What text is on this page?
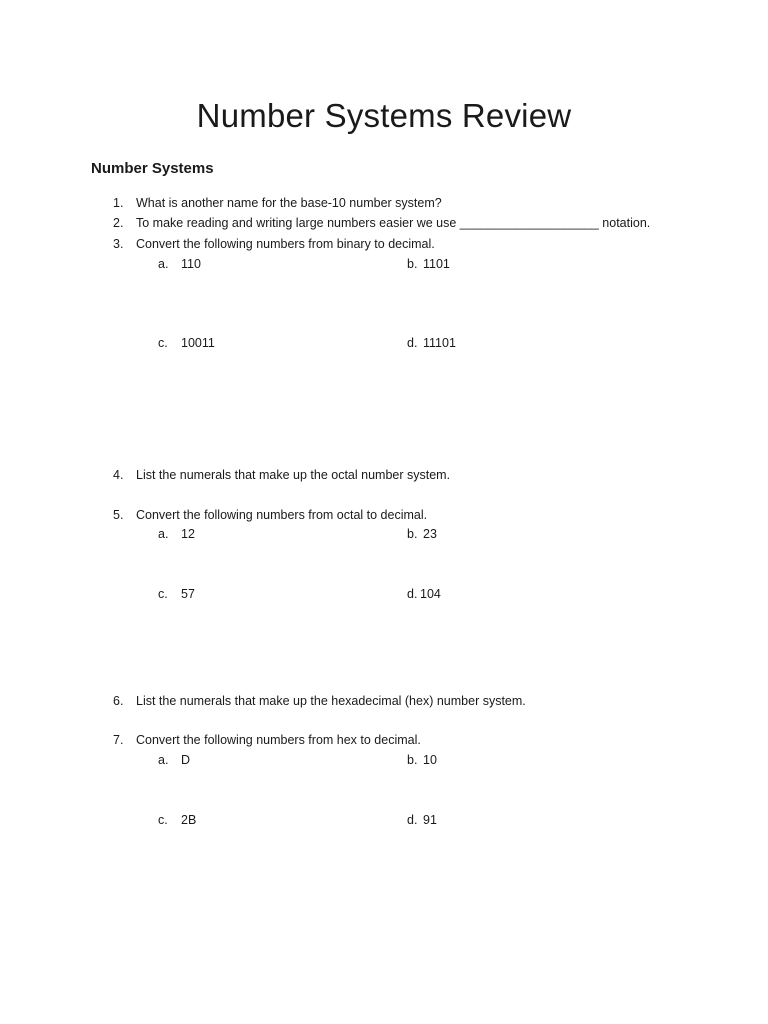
Number Systems Review
Number Systems
1. What is another name for the base-10 number system?
2. To make reading and writing large numbers easier we use ____________________ notation.
3. Convert the following numbers from binary to decimal.
a. 110	b. 1101
c. 10011	d. 11101
4. List the numerals that make up the octal number system.
5. Convert the following numbers from octal to decimal.
a. 12	b. 23
c. 57	d. 104
6. List the numerals that make up the hexadecimal (hex) number system.
7. Convert the following numbers from hex to decimal.
a. D	b. 10
c. 2B	d. 91
